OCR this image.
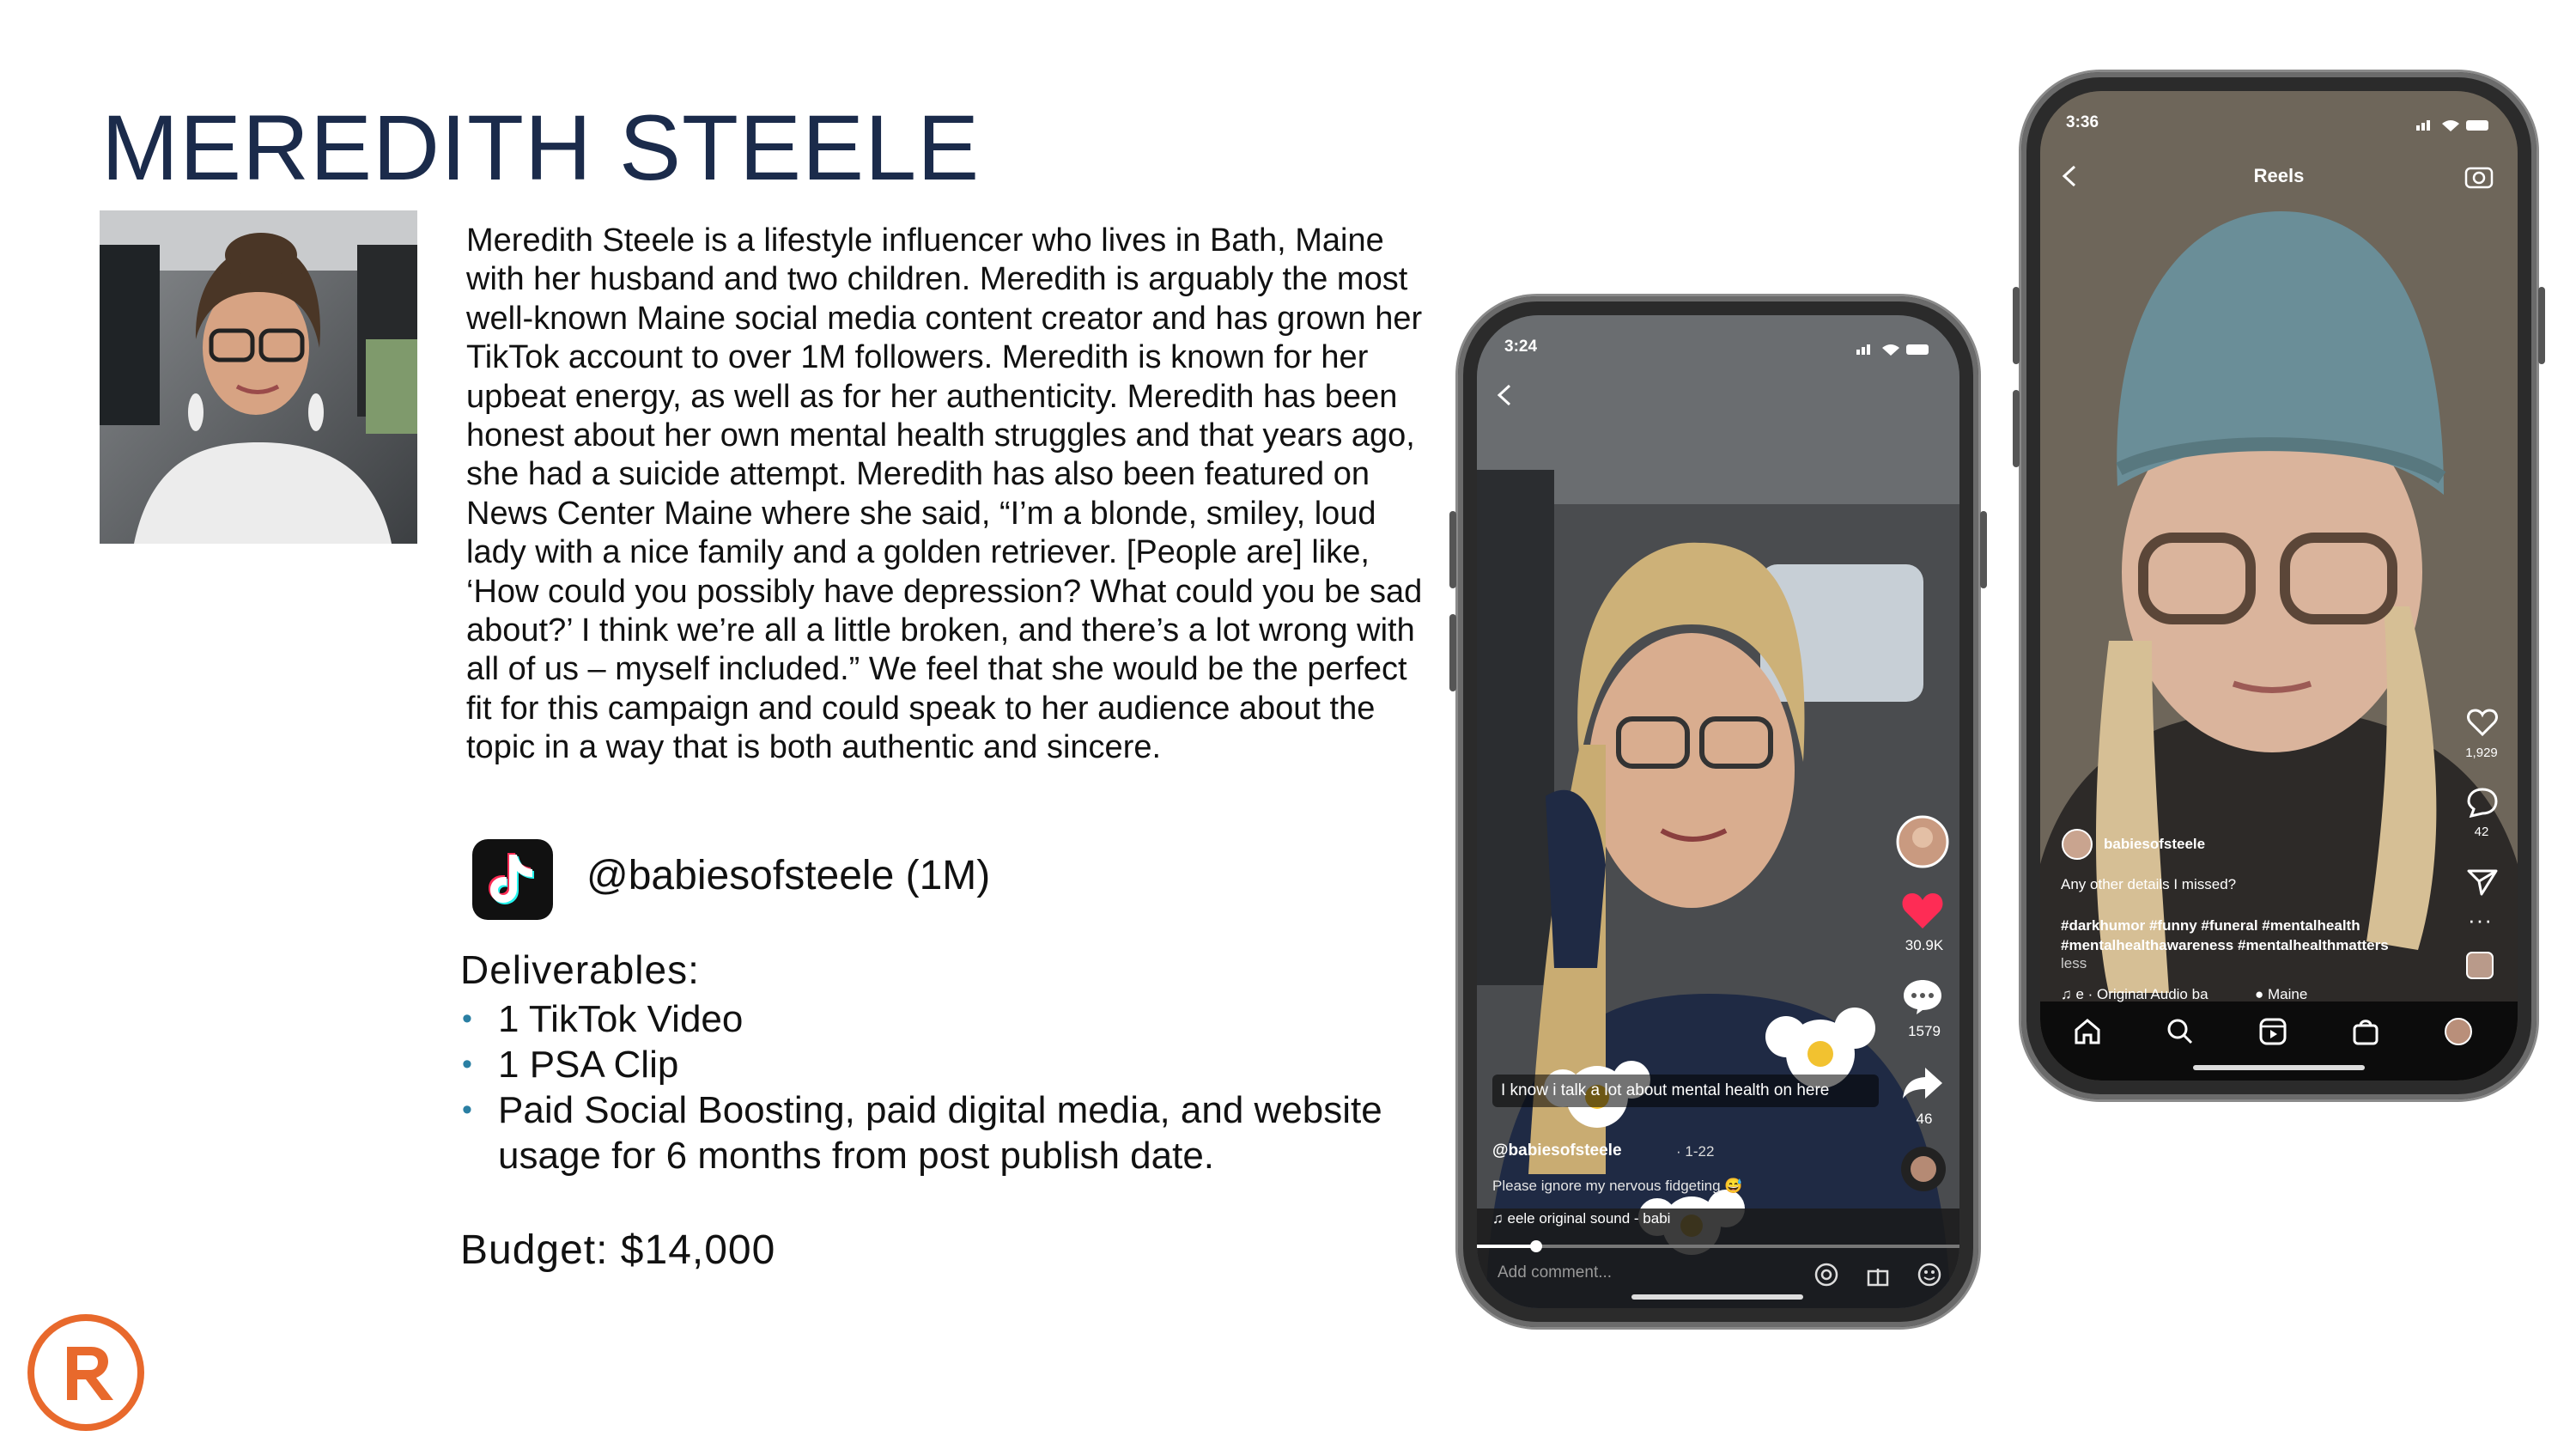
MEREDITH STEELE
Meredith Steele is a lifestyle influencer who lives in Bath, Maine with her husband and two children. Meredith is arguably the most well-known Maine social media content creator and has grown her TikTok account to over 1M followers. Meredith is known for her upbeat energy, as well as for her authenticity. Meredith has been honest about her own mental health struggles and that years ago, she had a suicide attempt. Meredith has also been featured on News Center Maine where she said, “I’m a blonde, smiley, loud lady with a nice family and a golden retriever. [People are] like, ‘How could you possibly have depression? What could you be sad about?’ I think we’re all a little broken, and there’s a lot wrong with all of us – myself included.” We feel that she would be the perfect fit for this campaign and could speak to her audience about the topic in a way that is both authentic and sincere.
@babiesofsteele (1M)
Deliverables:
• 1 TikTok Video
• 1 PSA Clip
• Paid Social Boosting, paid digital media, and website usage for 6 months from post publish date.
Budget: $14,000
3:24
30.9K
1579
46
I know i talk a lot about mental health on here
@babiesofsteele	· 1-22
Please ignore my nervous fidgeting 😅
♫ eele original sound - babi
Add comment...
3:36
Reels
1,929
42
···
babiesofsteele
Any other details I missed?
#darkhumor #funny #funeral #mentalhealth #mentalhealthawareness #mentalhealthmatters
less
♫ e · Original Audio ba	● Maine
